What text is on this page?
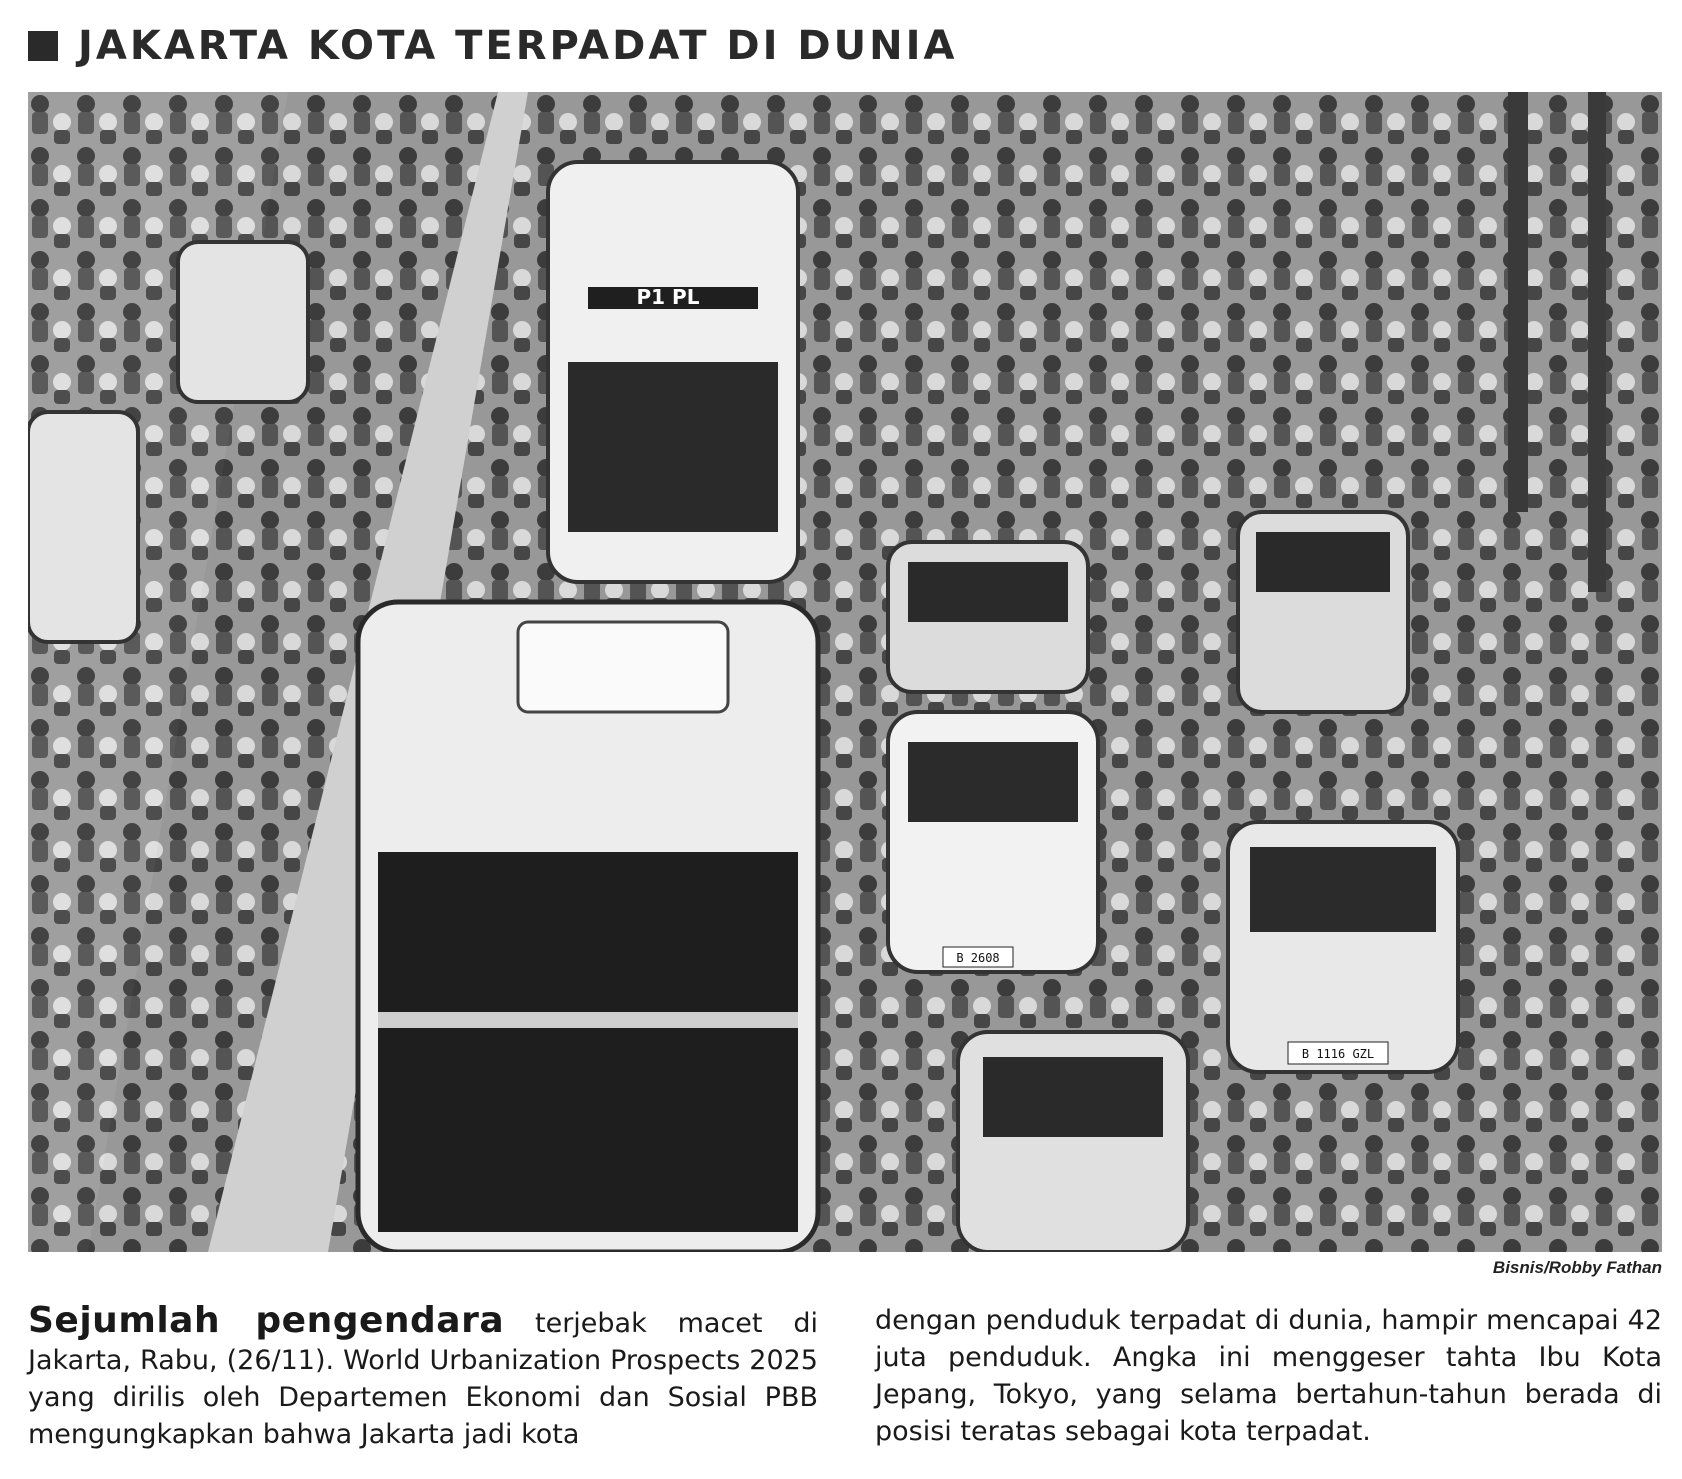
JAKARTA KOTA TERPADAT DI DUNIA
P1 PL
B 2608
B 1116 GZL
Bisnis/Robby Fathan
Sejumlah pengendara terjebak macet di Jakarta, Rabu, (26/11). World Urbanization Prospects 2025 yang dirilis oleh Departemen Ekonomi dan Sosial PBB mengungkapkan bahwa Jakarta jadi kota
dengan penduduk terpadat di dunia, hampir mencapai 42 juta penduduk. Angka ini menggeser tahta Ibu Kota Jepang, Tokyo, yang selama bertahun-tahun berada di posisi teratas sebagai kota terpadat.
